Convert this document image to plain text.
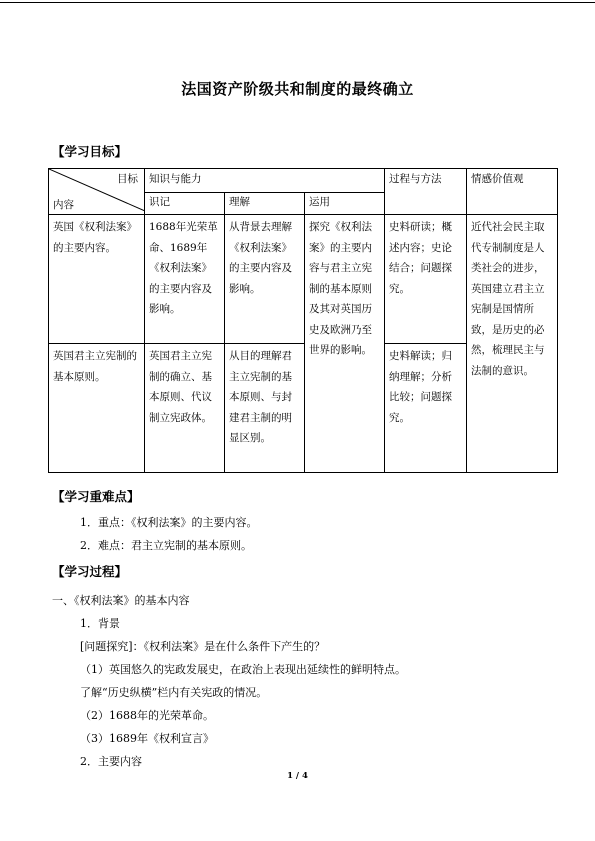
法国资产阶级共和制度的最终确立
【学习目标】
目标
内容	知识与能力			过程与方法	情感价值观
	识记	理解	运用		
英国《权利法案》的主要内容。	1688年光荣革命、1689年《权利法案》的主要内容及影响。	从背景去理解《权利法案》的主要内容及影响。	探究《权利法案》的主要内容与君主立宪制的基本原则及其对英国历史及欧洲乃至世界的影响。	史料研读；概述内容；史论结合；问题探究。	近代社会民主取代专制制度是人类社会的进步，英国建立君主立宪制是国情所致，是历史的必然，梳理民主与法制的意识。
英国君主立宪制的基本原则。	英国君主立宪制的确立、基本原则、代议制立宪政体。	从目的理解君主立宪制的基本原则、与封建君主制的明显区别。		史料解读；归纳理解；分析比较；问题探究。	
【学习重难点】
1．重点：《权利法案》的主要内容。
2．难点：君主立宪制的基本原则。
【学习过程】
一、《权利法案》的基本内容
1．背景
[问题探究]：《权利法案》是在什么条件下产生的？
（1）英国悠久的宪政发展史，在政治上表现出延续性的鲜明特点。
了解“历史纵横”栏内有关宪政的情况。
（2）1688年的光荣革命。
（3）1689年《权利宣言》
2．主要内容
1 / 4
